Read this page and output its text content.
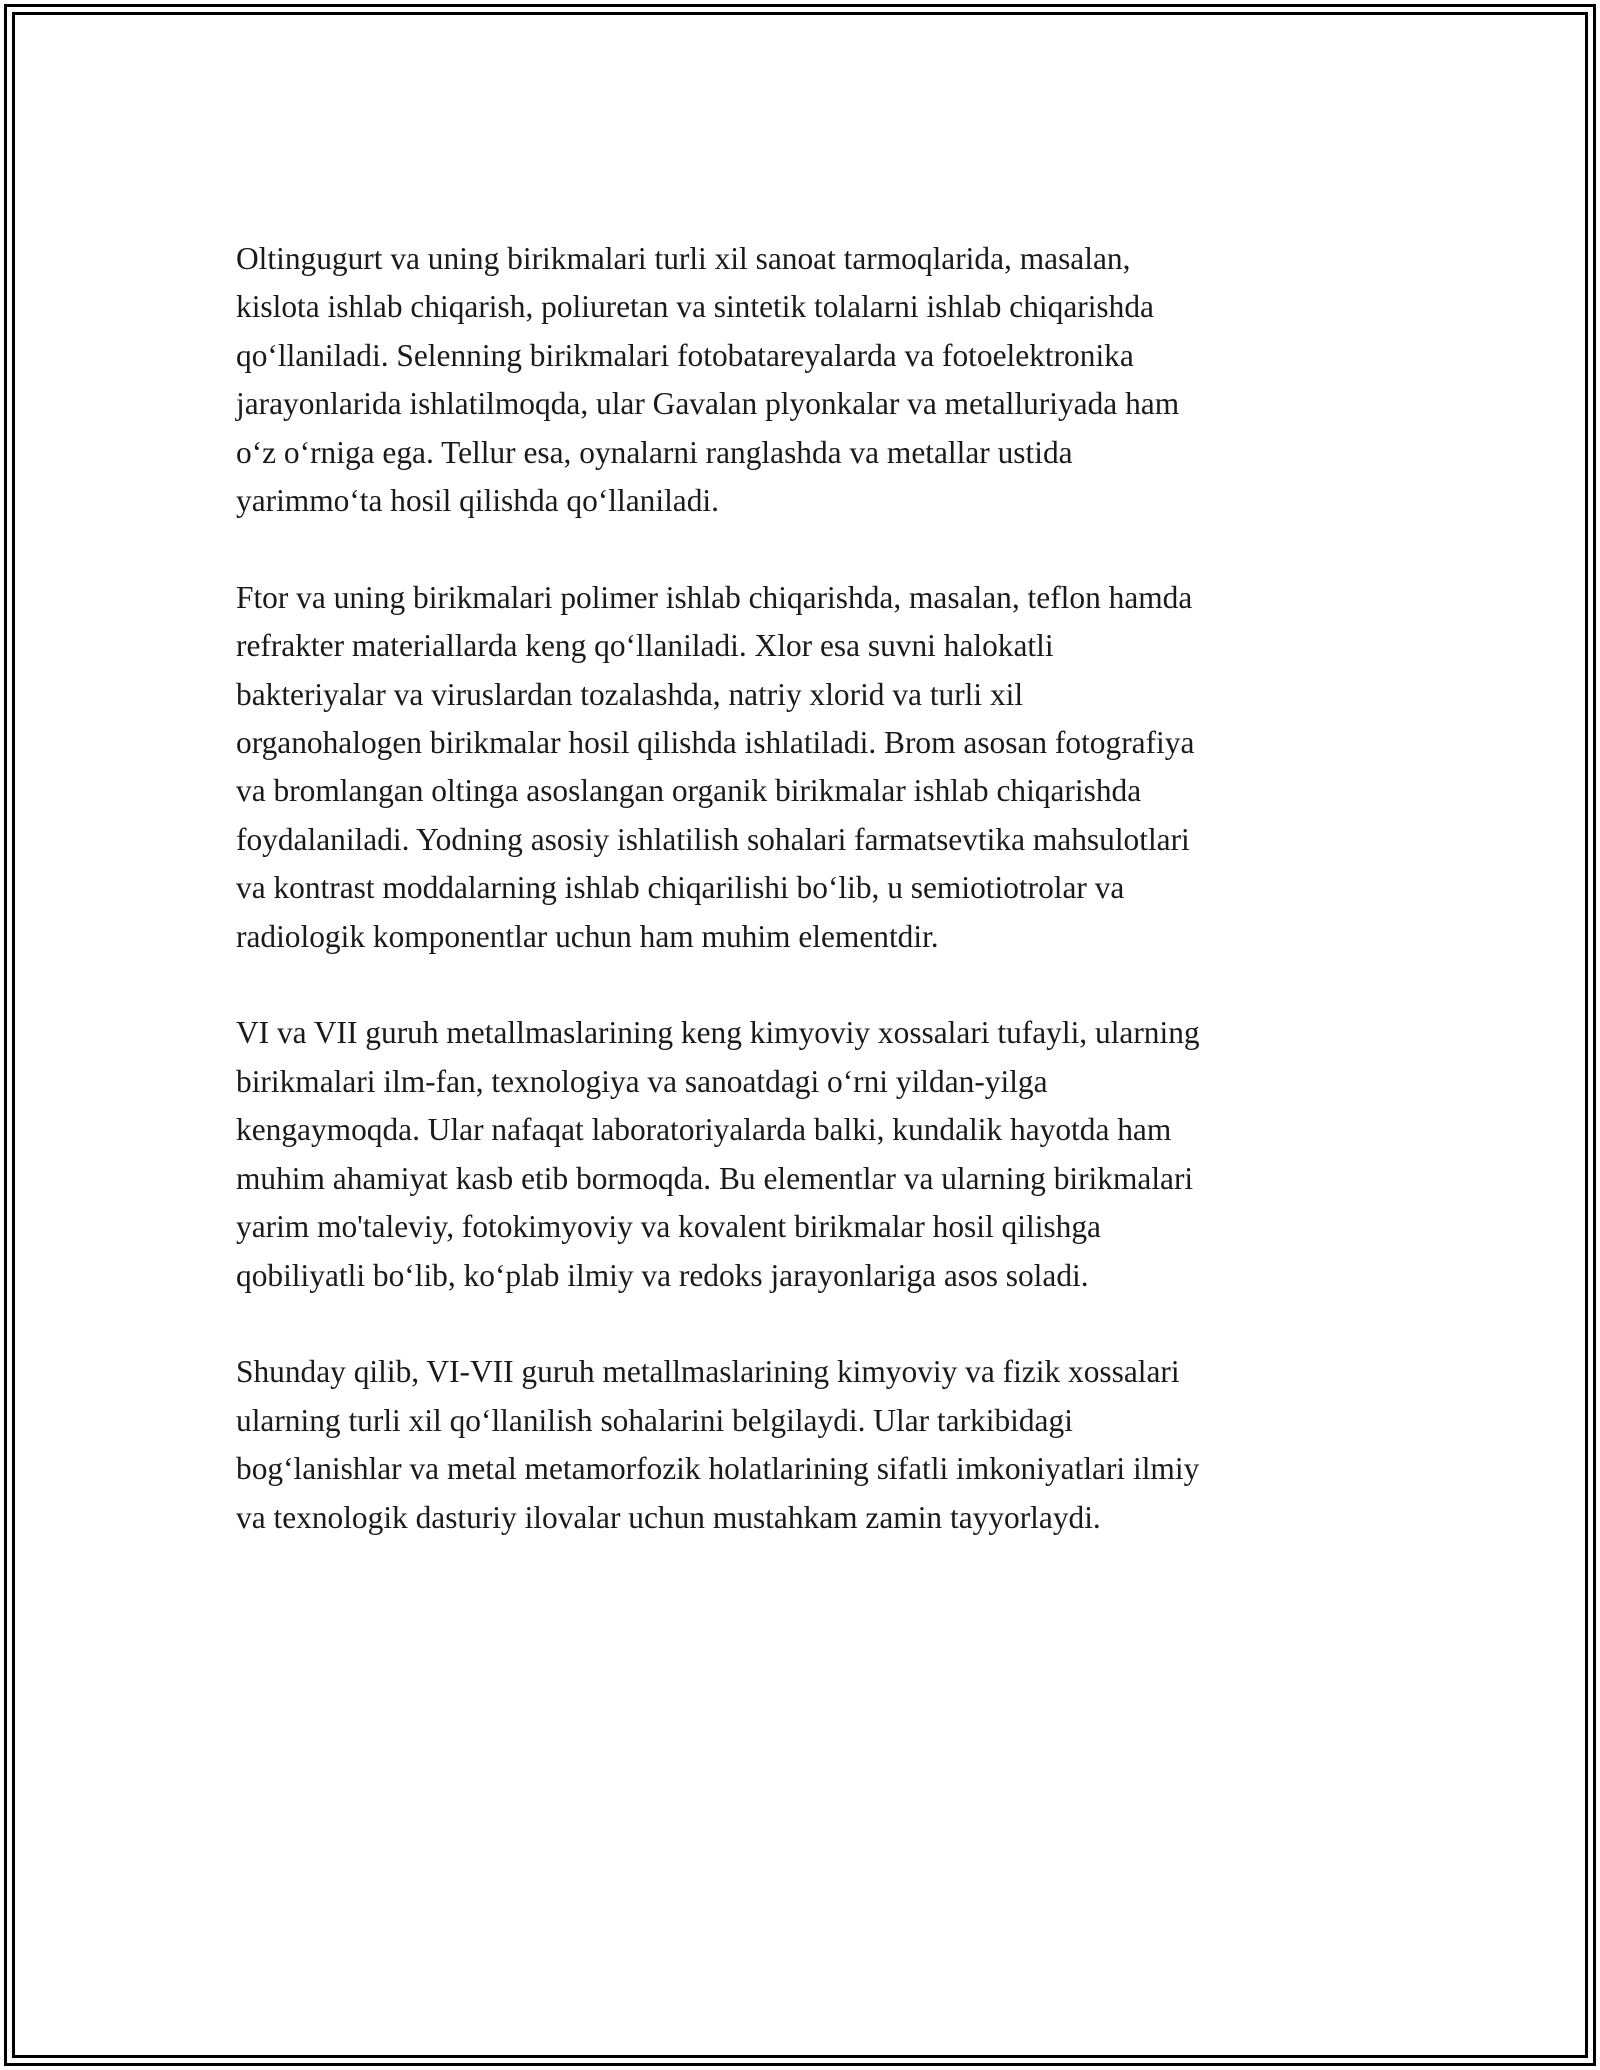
Oltingugurt va uning birikmalari turli xil sanoat tarmoqlarida, masalan,
kislota ishlab chiqarish, poliuretan va sintetik tolalarni ishlab chiqarishda
qo‘llaniladi. Selenning birikmalari fotobatareyalarda va fotoelektronika
jarayonlarida ishlatilmoqda, ular Gavalan plyonkalar va metalluriyada ham
o‘z o‘rniga ega. Tellur esa, oynalarni ranglashda va metallar ustida
yarimmo‘ta hosil qilishda qo‘llaniladi.

Ftor va uning birikmalari polimer ishlab chiqarishda, masalan, teflon hamda
refrakter materiallarda keng qo‘llaniladi. Xlor esa suvni halokatli
bakteriyalar va viruslardan tozalashda, natriy xlorid va turli xil
organohalogen birikmalar hosil qilishda ishlatiladi. Brom asosan fotografiya
va bromlangan oltinga asoslangan organik birikmalar ishlab chiqarishda
foydalaniladi. Yodning asosiy ishlatilish sohalari farmatsevtika mahsulotlari
va kontrast moddalarning ishlab chiqarilishi bo‘lib, u semiotiotrolar va
radiologik komponentlar uchun ham muhim elementdir.

VI va VII guruh metallmaslarining keng kimyoviy xossalari tufayli, ularning
birikmalari ilm-fan, texnologiya va sanoatdagi o‘rni yildan-yilga
kengaymoqda. Ular nafaqat laboratoriyalarda balki, kundalik hayotda ham
muhim ahamiyat kasb etib bormoqda. Bu elementlar va ularning birikmalari
yarim mo'taleviy, fotokimyoviy va kovalent birikmalar hosil qilishga
qobiliyatli bo‘lib, ko‘plab ilmiy va redoks jarayonlariga asos soladi.

Shunday qilib, VI-VII guruh metallmaslarining kimyoviy va fizik xossalari
ularning turli xil qo‘llanilish sohalarini belgilaydi. Ular tarkibidagi
bog‘lanishlar va metal metamorfozik holatlarining sifatli imkoniyatlari ilmiy
va texnologik dasturiy ilovalar uchun mustahkam zamin tayyorlaydi.
